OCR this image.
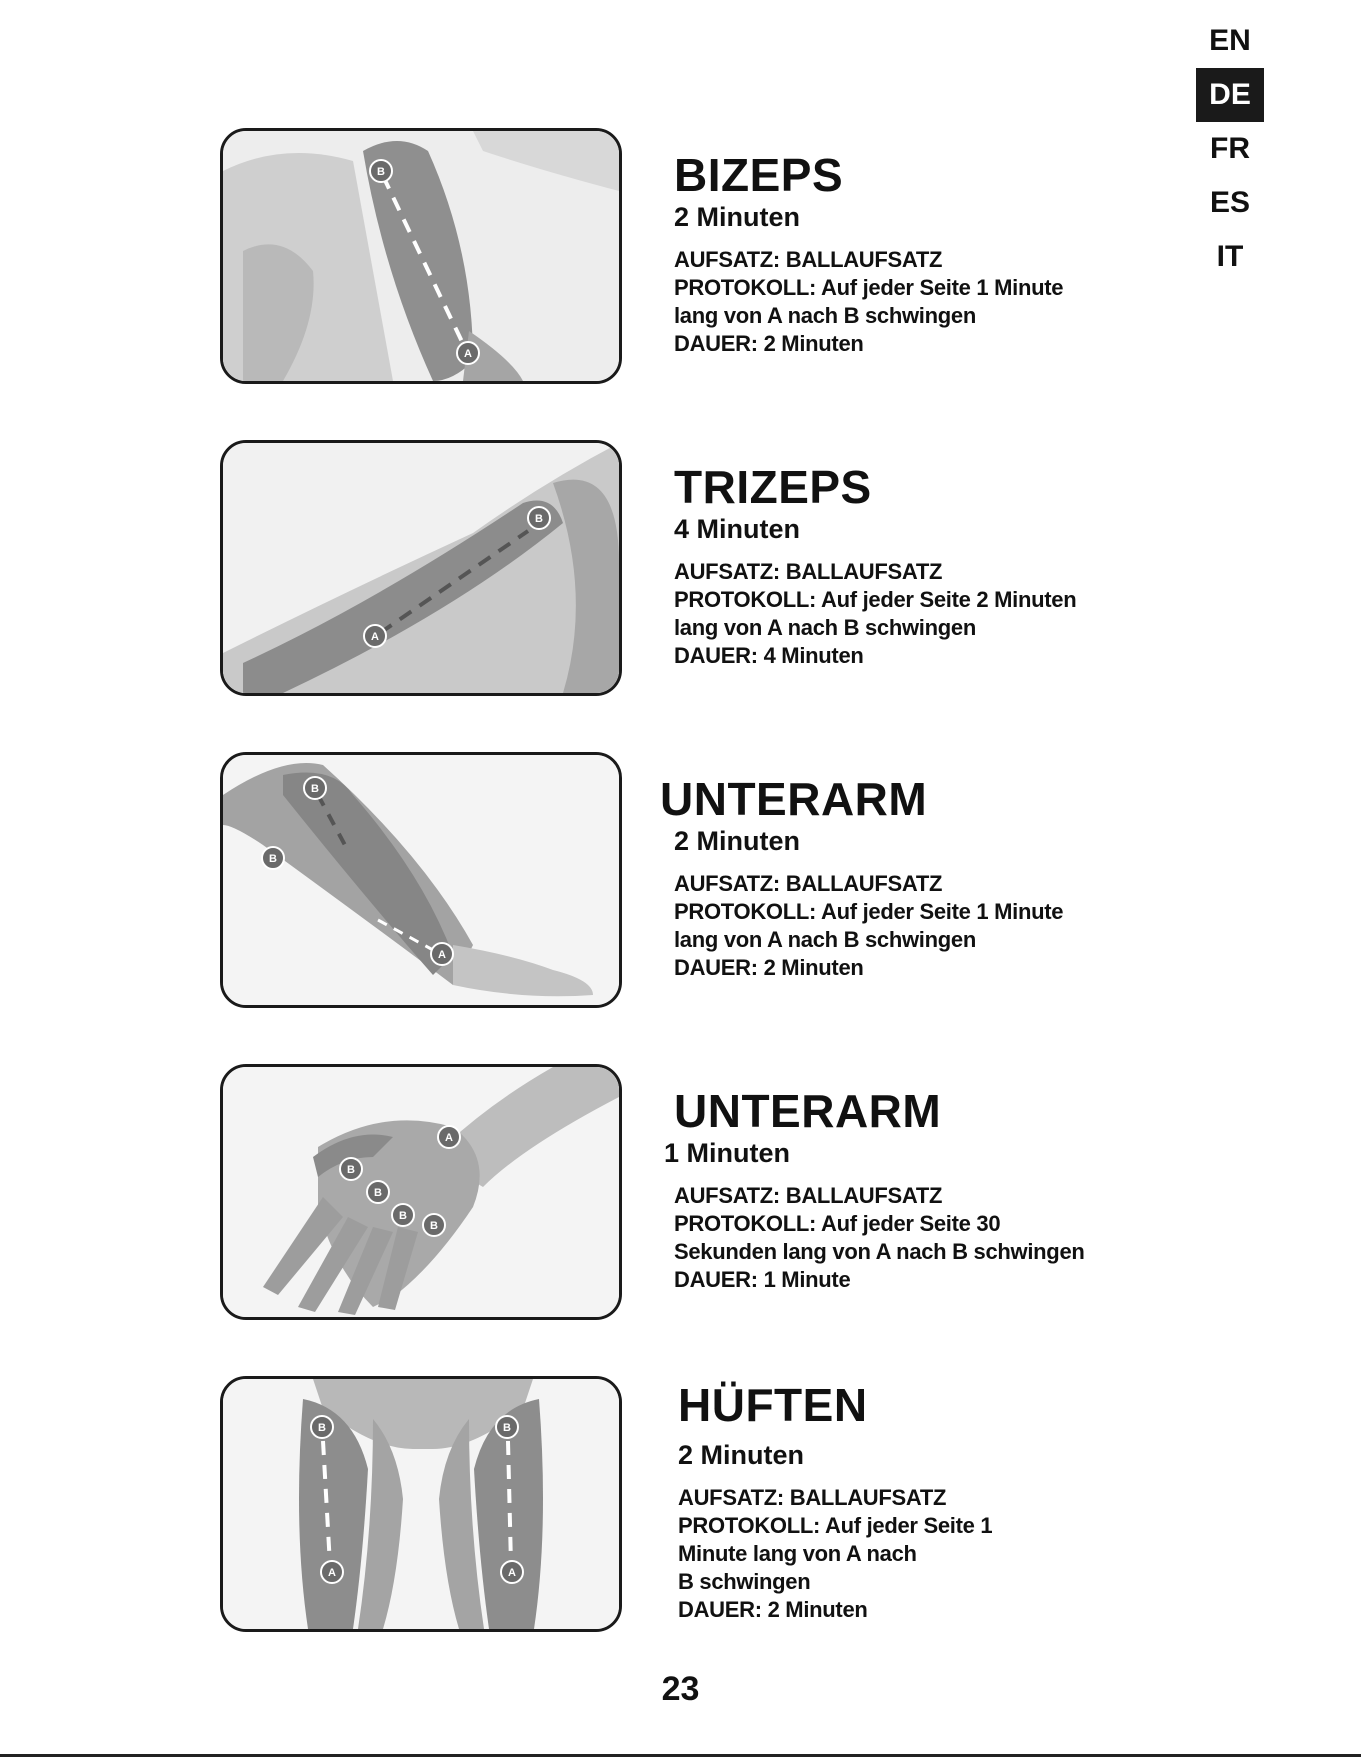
EN
DE
FR
ES
IT
B
A
BIZEPS
2 Minuten

AUFSATZ: BALLAUFSATZ

PROTOKOLL: Auf jeder Seite 1 Minute

lang von A nach B schwingen

DAUER: 2 Minuten

A
B
TRIZEPS
4 Minuten

AUFSATZ: BALLAUFSATZ

PROTOKOLL: Auf jeder Seite 2 Minuten

lang von A nach B schwingen

DAUER: 4 Minuten

B
B
A
UNTERARM
2 Minuten

AUFSATZ: BALLAUFSATZ

PROTOKOLL: Auf jeder Seite 1 Minute

lang von A nach B schwingen

DAUER: 2 Minuten

A
B
B
B
B
UNTERARM
1 Minuten

AUFSATZ: BALLAUFSATZ

PROTOKOLL: Auf jeder Seite 30

Sekunden lang von A nach B schwingen

DAUER: 1 Minute

B	B
A	A
HÜFTEN
2 Minuten

AUFSATZ: BALLAUFSATZ

PROTOKOLL: Auf jeder Seite 1

Minute lang von A nach

B schwingen

DAUER: 2 Minuten

23
